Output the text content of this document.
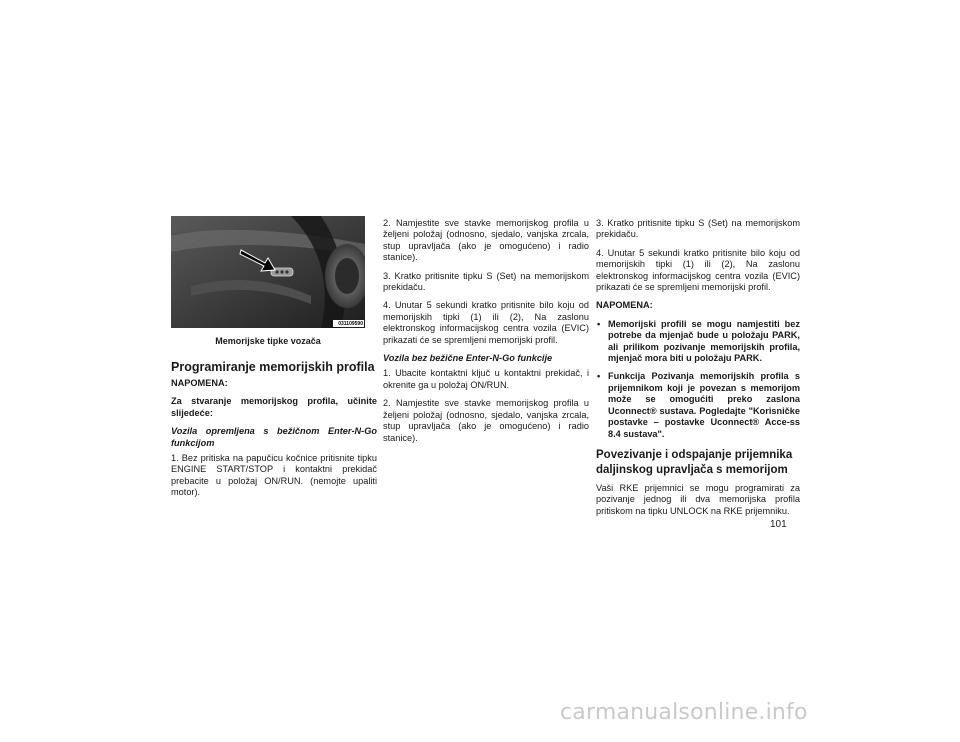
031109590
Memorijske tipke vozača
Programiranje memorijskih profila

NAPOMENA:

Za stvaranje memorijskog profila, učinite slijedeće:

Vozila opremljena s bežičnom Enter-N-Go funkcijom

1. Bez pritiska na papučicu kočnice pritisnite tipku ENGINE START/STOP i kontaktni prekidač prebacite u položaj ON/RUN. (nemojte upaliti motor).

2. Namjestite sve stavke memorijskog profila u željeni položaj (odnosno, sjedalo, vanjska zrcala, stup upravljača (ako je omogućeno) i radio stanice).

3. Kratko pritisnite tipku S (Set) na memorijskom prekidaču.

4. Unutar 5 sekundi kratko pritisnite bilo koju od memorijskih tipki (1) ili (2), Na zaslonu elektronskog informacijskog centra vozila (EVIC) prikazati će se spremljeni memorijski profil.

Vozila bez bežične Enter-N-Go funkcije

1. Ubacite kontaktni ključ u kontaktni prekidač, i okrenite ga u položaj ON/RUN.

2. Namjestite sve stavke memorijskog profila u željeni položaj (odnosno, sjedalo, vanjska zrcala, stup upravljača (ako je omogućeno) i radio stanice).

3. Kratko pritisnite tipku S (Set) na memorijskom prekidaču.

4. Unutar 5 sekundi kratko pritisnite bilo koju od memorijskih tipki (1) ili (2), Na zaslonu elektronskog informacijskog centra vozila (EVIC) prikazati će se spremljeni memorijski profil.

NAPOMENA:

• Memorijski profili se mogu namjestiti bez potrebe da mjenjač bude u položaju PARK, ali prilikom pozivanje memorijskih profila, mjenjač mora biti u položaju PARK.
• Funkcija Pozivanja memorijskih profila s prijemnikom koji je povezan s memorijom može se omogućiti preko zaslona Uconnect® sustava. Pogledajte "Korisničke postavke – postavke Uconnect® Acce-ss 8.4 sustava".
Povezivanje i odspajanje prijemnika daljinskog upravljača s memorijom

Vaši RKE prijemnici se mogu programirati za pozivanje jednog ili dva memorijska profila pritiskom na tipku UNLOCK na RKE prijemniku.

101
carmanualsonline.info
